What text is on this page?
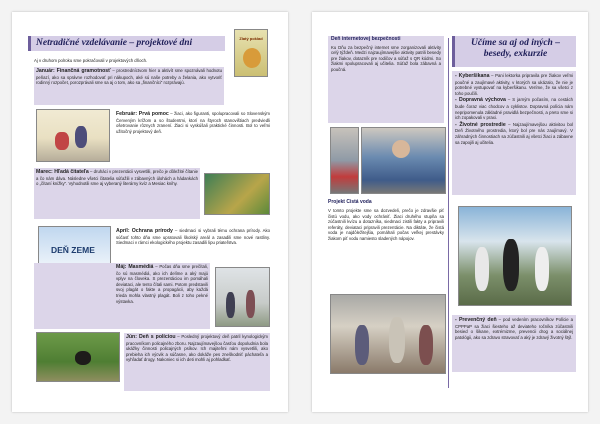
Netradičné vzdelávanie – projektové dni	Zlatý poklad
Aj v druhom polroku sme pokračovali v projektových dňoch.
Január: Finančná gramotnosť – prostredníctvom hier a aktivít sme spoznávali hodnotu peňazí, ako sa správne rozhodovať pri nákupoch, aké sú naše potreby a želania, ako vytvoriť rodinný rozpočet, porozprávali sme sa aj o tom, ako sa „finančníci“ rozprávajú.
Február: Prvá pomoc – žiaci, ako figuranti, spolupracovali so Slovenským Červeným krížom a so študentmi, ktorí na štyroch stanovištiach predviedli ošetrovanie rôznych zranení. Žiaci si vyskúšali praktické činnosti. Bol to veľmi užitočný projektový deň.
Marec: Hľadá čitateľa – druháci v prezentácii vysvetlili, prečo je dôležité čítanie a čo nám dáva. Následne všetci čitatelia súťažili v zábavných úlohách a hádankách o „čítaní knižky“. Vyhodnotili sme aj vyberaný literárny kvíz a Mesiac knihy.
DEŇ ZEME
Apríl: Ochrana prírody – siedmaci si vybrali tému ochrana prírody. Ako súčasť tohto dňa sme upratovali školský areál a zasadili sme nové rastliny. Siedmaci v rámci ekologického projektu zasadili lipu priateľstva.
Máj: Masmédiá – Počas dňa sme prečítali, čo sú masmédiá, ako ich delíme a aký majú vplyv na človeka. S prezentáciou im pomáhali deviataci, ale tento čítali sami. Potom predstavili svoj plagát o fakte a propagácii, aby každá trieda mohla vlastný plagát. Boli z toho pekné výstavka.
Jún: Deň s políciou – Posledný projektový deň patril kynologickým pracovníkom policajného zboru. Najzaujímavejšou časťou dopoludnia bola ukážky činnosti policajných psíkov. Ich majiteľmi nám vysvetlili, ako prebieha ich výcvik a súčasne, ako dokáže pes zneškodniť páchateľa a vyhľadať drogy. Nakoniec si ich deti mohli aj pohladkať.
Deň internetovej bezpečnosti
Ku Dňu za bezpečný internet sme zorganizovali aktivity celý týždeň. Medzi najzaujímavejšie aktivity patrili besedy pre žiakov, dotazník pre rodičov a súťaž s QR kódmi. So žiakmi spolupracovali aj učitelia. Súťaž bola zábavná a poučná.
Projekt Čistá voda
V tomto projekte sme sa dozvedeli, prečo je zdravšie piť čistú vodu, ako vody ochrániť. Žiaci druhého stupňa sa zúčastnili kvízu a dotazníka, siedmaci zistili fakty a pripravili referáty, deviataci pripravili prezentácie. Na diktáte, že čistá voda je najdôležitejšia, pomáhali počas veľkej prestávky žiakom piť vodu namiesto sladených nápojov.
Učíme sa aj od iných – besedy, exkurzie
- Kyberšikana – Pani lektorka pripravila pre žiakov veľmi poučné a zaujímavé aktivity, v ktorých sa ukázalo, že nie je potrebné vystupovať na kyberšikanu. Veríme, že sa všetci z toho poučili.
- Dopravná výchova – S jarným počasím, na cestách bude čoraz viac chodcov a cyklistov. Dopravná polícia nám nepripomenula základné pravidlá bezpečnosti, a preto sme si ich zopakovali v praxi.
- Životné prostredie – Najzaujímavejšou aktivitou bol Deň Životného prostredia, ktorý bol pre nás zaujímavý. V záhradných činnostiach sa zúčastnili aj všetci žiaci a zábavne sa zapojili aj učitelia.
- Prevenčný deň – pod vedením pracovníkov Polície a CPPPaP sa žiaci šiesteho až deviateho ročníka zúčastnili besied o šikane, extrémizme, prevencii drog a sociálnej patológii, ako sa zdravo stravovať a aký je zdravý životný štýl.
